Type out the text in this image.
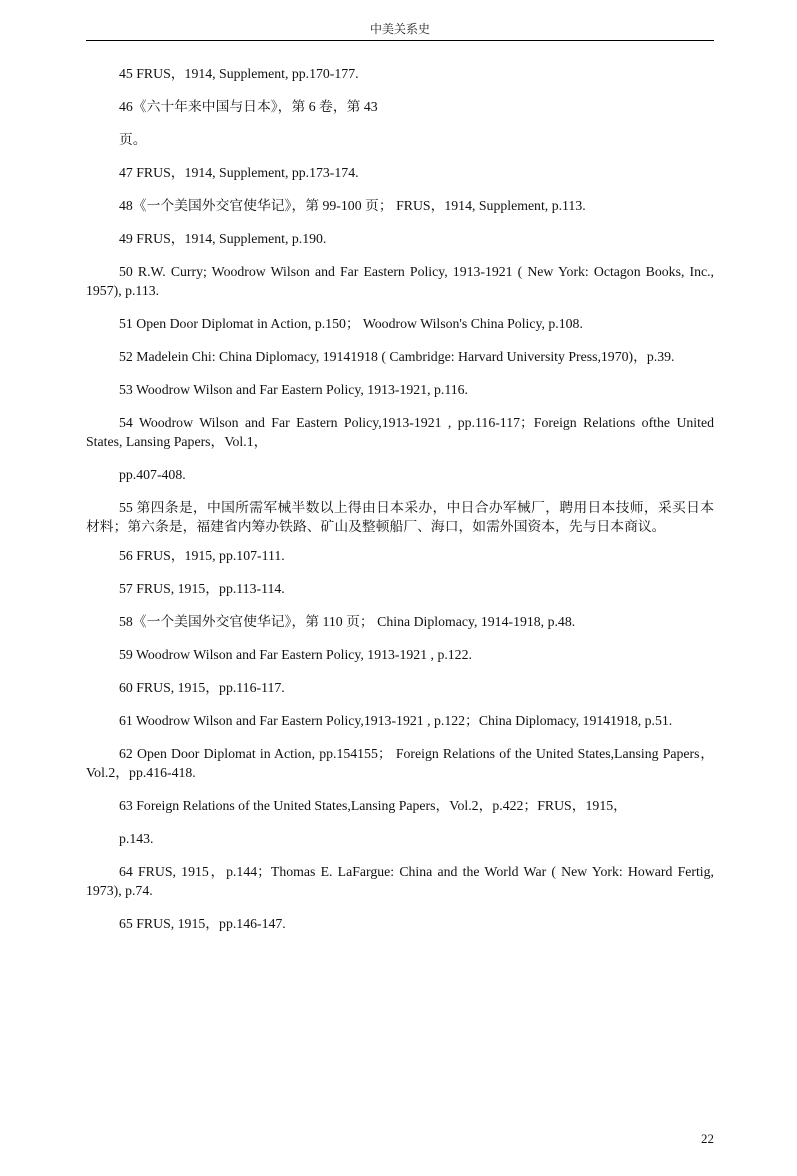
中美关系史

45 FRUS，1914, Supplement, pp.170-177.

46《六十年来中国与日本》，第 6 卷，第 43

页。

47 FRUS，1914, Supplement, pp.173-174.

48《一个美国外交官使华记》，第 99-100 页； FRUS，1914, Supplement, p.113.

49 FRUS，1914, Supplement, p.190.

50 R.W. Curry; Woodrow Wilson and Far Eastern Policy, 1913-1921 ( New York: Octagon Books, Inc., 1957), p.113.

51 Open Door Diplomat in Action, p.150； Woodrow Wilson's China Policy, p.108.

52 Madelein Chi: China Diplomacy, 19141918 ( Cambridge: Harvard University Press,1970)，p.39.

53 Woodrow Wilson and Far Eastern Policy, 1913-1921, p.116.

54 Woodrow Wilson and Far Eastern Policy,1913-1921 , pp.116-117；Foreign Relations ofthe United States, Lansing Papers，Vol.1，

pp.407-408.

55 第四条是，中国所需军械半数以上得由日本采办，中日合办军械厂，聘用日本技师，采买日本材料；第六条是，福建省内筹办铁路、矿山及整顿船厂、海口，如需外国资本，先与日本商议。

56 FRUS，1915, pp.107-111.

57 FRUS, 1915，pp.113-114.

58《一个美国外交官使华记》，第 110 页； China Diplomacy, 1914-1918, p.48.

59 Woodrow Wilson and Far Eastern Policy, 1913-1921 , p.122.

60 FRUS, 1915，pp.116-117.

61 Woodrow Wilson and Far Eastern Policy,1913-1921 , p.122；China Diplomacy, 19141918, p.51.

62 Open Door Diplomat in Action, pp.154155； Foreign Relations of the United States,Lansing Papers，Vol.2，pp.416-418.

63 Foreign Relations of the United States,Lansing Papers，Vol.2，p.422；FRUS，1915，

p.143.

64 FRUS, 1915，p.144；Thomas E. LaFargue: China and the World War ( New York: Howard Fertig, 1973), p.74.

65 FRUS, 1915，pp.146-147.

22
